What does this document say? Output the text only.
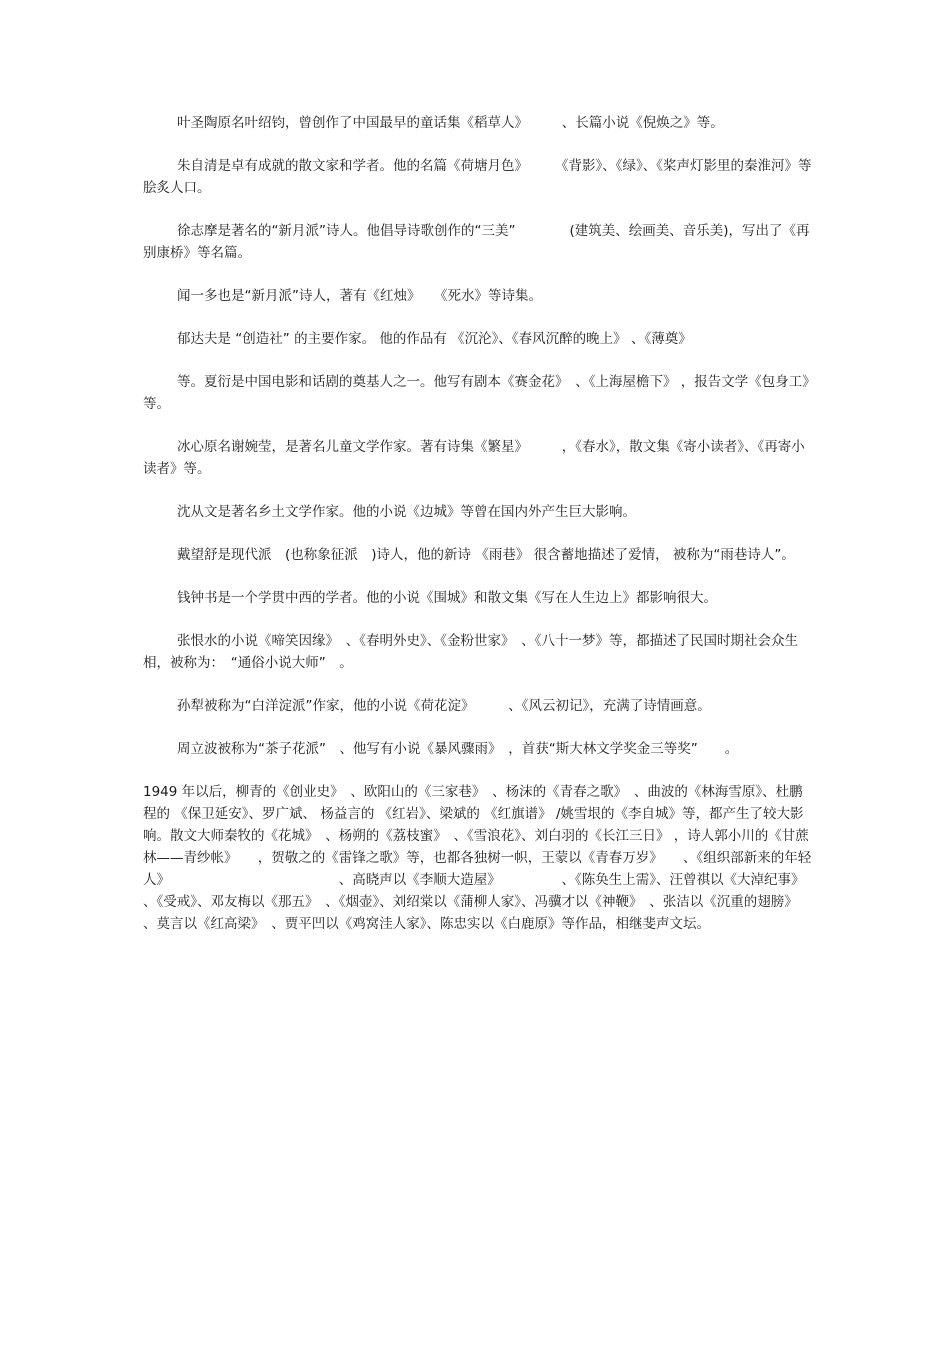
叶圣陶原名叶绍钧，曾创作了中国最早的童话集《稻草人》　　　、长篇小说《倪焕之》等。

朱自清是卓有成就的散文家和学者。他的名篇《荷塘月色》　　　《背影》、《绿》、《桨声灯影里的秦淮河》等脍炙人口。

徐志摩是著名的“新月派”诗人。他倡导诗歌创作的“三美”　　　　(建筑美、绘画美、音乐美)，写出了《再别康桥》等名篇。

闻一多也是“新月派”诗人，著有《红烛》　　《死水》等诗集。

郁达夫是 “创造社” 的主要作家。 他的作品有 《沉沦》、《春风沉醉的晚上》 、《薄奠》

等。夏衍是中国电影和话剧的奠基人之一。他写有剧本《赛金花》　、《上海屋檐下》 ，报告文学《包身工》等。

冰心原名谢婉莹，是著名儿童文学作家。著有诗集《繁星》　　　，《春水》，散文集《寄小读者》、《再寄小读者》等。

沈从文是著名乡土文学作家。他的小说《边城》等曾在国内外产生巨大影响。

戴望舒是现代派　(也称象征派　)诗人，他的新诗 《雨巷》 很含蓄地描述了爱情， 被称为“雨巷诗人”。

钱钟书是一个学贯中西的学者。他的小说《围城》和散文集《写在人生边上》都影响很大。

张恨水的小说《啼笑因缘》　、《春明外史》、《金粉世家》　、《八十一梦》等，都描述了民国时期社会众生相，被称为：　“通俗小说大师”　。

孙犁被称为“白洋淀派”作家，他的小说《荷花淀》　　　、《风云初记》，充满了诗情画意。

周立波被称为“茶子花派”　、他写有小说《暴风骤雨》　，首获“斯大林文学奖金三等奖”　　。

1949 年以后，柳青的《创业史》　、欧阳山的《三家巷》　、杨沫的《青春之歌》　、曲波的《林海雪原》、杜鹏程的 《保卫延安》、罗广斌、 杨益言的 《红岩》、梁斌的 《红旗谱》 /姚雪垠的《李自城》等，都产生了较大影响。散文大师秦牧的《花城》　、杨朔的《荔枝蜜》　、《雪浪花》、刘白羽的《长江三日》 ，诗人郭小川的《甘蔗林——青纱帐》　　，贺敬之的《雷锋之歌》等，也都各独树一帜，王蒙以《青春万岁》　　、《组织部新来的年轻人》　　　　　　　　　　　　　、高晓声以《李顺大造屋》　　　　　、《陈奂生上需》、汪曾祺以《大淖纪事》　　　　　　　　　　、《受戒》、邓友梅以《那五》　、《烟壶》、刘绍棠以《蒲柳人家》、冯骥才以《神鞭》　、张洁以《沉重的翅膀》　、莫言以《红高梁》　、贾平凹以《鸡窝洼人家》、陈忠实以《白鹿原》等作品，相继斐声文坛。
